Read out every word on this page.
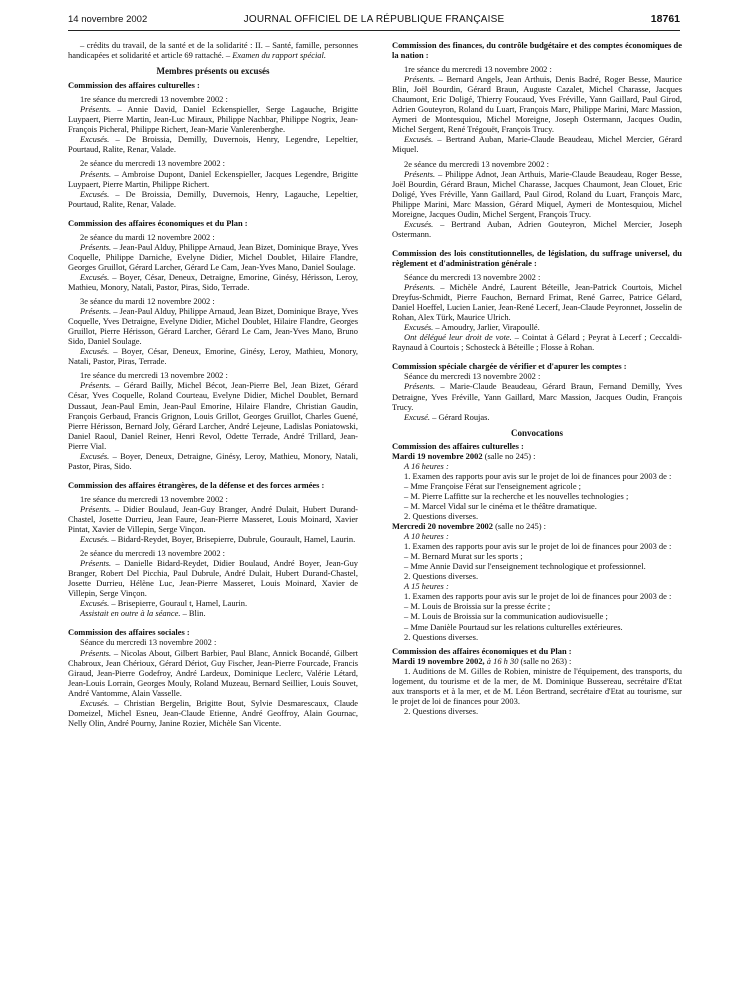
14 novembre 2002	JOURNAL OFFICIEL DE LA RÉPUBLIQUE FRANÇAISE	18761

– crédits du travail, de la santé et de la solidarité : II. – Santé, famille, personnes handicapées et solidarité et article 69 rattaché. – Examen du rapport spécial.

Membres présents ou excusés
Commission des affaires culturelles :

1re séance du mercredi 13 novembre 2002 :

Présents. – Annie David, Daniel Eckenspieller, Serge Lagauche, Brigitte Luypaert, Pierre Martin, Jean-Luc Miraux, Philippe Nachbar, Philippe Nogrix, Jean-François Picheral, Philippe Richert, Jean-Marie Vanlerenberghe.

Excusés. – De Broissia, Demilly, Duvernois, Henry, Legendre, Lepeltier, Pourtaud, Ralite, Renar, Valade.

2e séance du mercredi 13 novembre 2002 :

Présents. – Ambroise Dupont, Daniel Eckenspieller, Jacques Legendre, Brigitte Luypaert, Pierre Martin, Philippe Richert.

Excusés. – De Broissia, Demilly, Duvernois, Henry, Lagauche, Lepeltier, Pourtaud, Ralite, Renar, Valade.

Commission des affaires économiques et du Plan :

2e séance du mardi 12 novembre 2002 :

Présents. – Jean-Paul Alduy, Philippe Arnaud, Jean Bizet, Dominique Braye, Yves Coquelle, Philippe Darniche, Evelyne Didier, Michel Doublet, Hilaire Flandre, Georges Gruillot, Gérard Larcher, Gérard Le Cam, Jean-Yves Mano, Daniel Soulage.

Excusés. – Boyer, César, Deneux, Detraigne, Emorine, Ginésy, Hérisson, Leroy, Mathieu, Monory, Natali, Pastor, Piras, Sido, Terrade.

3e séance du mardi 12 novembre 2002 :

Présents. – Jean-Paul Alduy, Philippe Arnaud, Jean Bizet, Dominique Braye, Yves Coquelle, Yves Detraigne, Evelyne Didier, Michel Doublet, Hilaire Flandre, Georges Gruillot, Pierre Hérisson, Gérard Larcher, Gérard Le Cam, Jean-Yves Mano, Bruno Sido, Daniel Soulage.

Excusés. – Boyer, César, Deneux, Emorine, Ginésy, Leroy, Mathieu, Monory, Natali, Pastor, Piras, Terrade.

1re séance du mercredi 13 novembre 2002 :

Présents. – Gérard Bailly, Michel Bécot, Jean-Pierre Bel, Jean Bizet, Gérard César, Yves Coquelle, Roland Courteau, Evelyne Didier, Michel Doublet, Bernard Dussaut, Jean-Paul Emin, Jean-Paul Emorine, Hilaire Flandre, Christian Gaudin, François Gerbaud, Francis Grignon, Louis Grillot, Georges Gruillot, Charles Guené, Pierre Hérisson, Bernard Joly, Gérard Larcher, André Lejeune, Ladislas Poniatowski, Daniel Raoul, Daniel Reiner, Henri Revol, Odette Terrade, André Trillard, Jean-Pierre Vial.

Excusés. – Boyer, Deneux, Detraigne, Ginésy, Leroy, Mathieu, Monory, Natali, Pastor, Piras, Sido.

Commission des affaires étrangères, de la défense et des forces armées :

1re séance du mercredi 13 novembre 2002 :

Présents. – Didier Boulaud, Jean-Guy Branger, André Dulait, Hubert Durand-Chastel, Josette Durrieu, Jean Faure, Jean-Pierre Masseret, Louis Moinard, Xavier Pintat, Xavier de Villepin, Serge Vinçon.

Excusés. – Bidard-Reydet, Boyer, Brisepierre, Dubrule, Gourault, Hamel, Laurin.

2e séance du mercredi 13 novembre 2002 :

Présents. – Danielle Bidard-Reydet, Didier Boulaud, André Boyer, Jean-Guy Branger, Robert Del Picchia, Paul Dubrule, André Dulait, Hubert Durand-Chastel, Josette Durrieu, Hélène Luc, Jean-Pierre Masseret, Louis Moinard, Xavier de Villepin, Serge Vinçon.

Excusés. – Brisepierre, Gouraul t, Hamel, Laurin.

Assistait en outre à la séance. – Blin.

Commission des affaires sociales :

Séance du mercredi 13 novembre 2002 :

Présents. – Nicolas About, Gilbert Barbier, Paul Blanc, Annick Bocandé, Gilbert Chabroux, Jean Chérioux, Gérard Dériot, Guy Fischer, Jean-Pierre Fourcade, Francis Giraud, Jean-Pierre Godefroy, André Lardeux, Dominique Leclerc, Valérie Létard, Jean-Louis Lorrain, Georges Mouly, Roland Muzeau, Bernard Seillier, Louis Souvet, André Vantomme, Alain Vasselle.

Excusés. – Christian Bergelin, Brigitte Bout, Sylvie Desmarescaux, Claude Domeizel, Michel Esneu, Jean-Claude Etienne, André Geoffroy, Alain Gournac, Nelly Olin, André Pourny, Janine Rozier, Michèle San Vicente.

Commission des finances, du contrôle budgétaire et des comptes économiques de la nation :

1re séance du mercredi 13 novembre 2002 :

Présents. – Bernard Angels, Jean Arthuis, Denis Badré, Roger Besse, Maurice Blin, Joël Bourdin, Gérard Braun, Auguste Cazalet, Michel Charasse, Jacques Chaumont, Eric Doligé, Thierry Foucaud, Yves Fréville, Yann Gaillard, Paul Girod, Adrien Gouteyron, Roland du Luart, François Marc, Philippe Marini, Marc Massion, Aymeri de Montesquiou, Michel Moreigne, Joseph Ostermann, Jacques Oudin, Michel Sergent, René Trégouët, François Trucy.

Excusés. – Bertrand Auban, Marie-Claude Beaudeau, Michel Mercier, Gérard Miquel.

2e séance du mercredi 13 novembre 2002 :

Présents. – Philippe Adnot, Jean Arthuis, Marie-Claude Beaudeau, Roger Besse, Joël Bourdin, Gérard Braun, Michel Charasse, Jacques Chaumont, Jean Clouet, Eric Doligé, Yves Fréville, Yann Gaillard, Paul Girod, Roland du Luart, François Marc, Philippe Marini, Marc Massion, Gérard Miquel, Aymeri de Montesquiou, Michel Moreigne, Jacques Oudin, Michel Sergent, François Trucy.

Excusés. – Bertrand Auban, Adrien Gouteyron, Michel Mercier, Joseph Ostermann.

Commission des lois constitutionnelles, de législation, du suffrage universel, du règlement et d'administration générale :

Séance du mercredi 13 novembre 2002 :

Présents. – Michèle André, Laurent Béteille, Jean-Patrick Courtois, Michel Dreyfus-Schmidt, Pierre Fauchon, Bernard Frimat, René Garrec, Patrice Gélard, Daniel Hoeffel, Lucien Lanier, Jean-René Lecerf, Jean-Claude Peyronnet, Josselin de Rohan, Alex Türk, Maurice Ulrich.

Excusés. – Amoudry, Jarlier, Virapoullé.

Ont délégué leur droit de vote. – Cointat à Gélard ; Peyrat à Lecerf ; Ceccaldi-Raynaud à Courtois ; Schosteck à Béteille ; Flosse à Rohan.

Commission spéciale chargée de vérifier et d'apurer les comptes :

Séance du mercredi 13 novembre 2002 :

Présents. – Marie-Claude Beaudeau, Gérard Braun, Fernand Demilly, Yves Detraigne, Yves Fréville, Yann Gaillard, Marc Massion, Jacques Oudin, François Trucy.

Excusé. – Gérard Roujas.

Convocations
Commission des affaires culturelles :

Mardi 19 novembre 2002 (salle no 245) :

A 16 heures :

1. Examen des rapports pour avis sur le projet de loi de finances pour 2003 de :

– Mme Françoise Férat sur l'enseignement agricole ;

– M. Pierre Laffitte sur la recherche et les nouvelles technologies ;

– M. Marcel Vidal sur le cinéma et le théâtre dramatique.

2. Questions diverses.

Mercredi 20 novembre 2002 (salle no 245) :

A 10 heures :

1. Examen des rapports pour avis sur le projet de loi de finances pour 2003 de :

– M. Bernard Murat sur les sports ;

– Mme Annie David sur l'enseignement technologique et professionnel.

2. Questions diverses.

A 15 heures :

1. Examen des rapports pour avis sur le projet de loi de finances pour 2003 de :

– M. Louis de Broissia sur la presse écrite ;

– M. Louis de Broissia sur la communication audiovisuelle ;

– Mme Danièle Pourtaud sur les relations culturelles extérieures.

2. Questions diverses.

Commission des affaires économiques et du Plan :

Mardi 19 novembre 2002, à 16 h 30 (salle no 263) :

1. Auditions de M. Gilles de Robien, ministre de l'équipement, des transports, du logement, du tourisme et de la mer, de M. Dominique Bussereau, secrétaire d'Etat aux transports et à la mer, et de M. Léon Bertrand, secrétaire d'Etat au tourisme, sur le projet de loi de finances pour 2003.

2. Questions diverses.
